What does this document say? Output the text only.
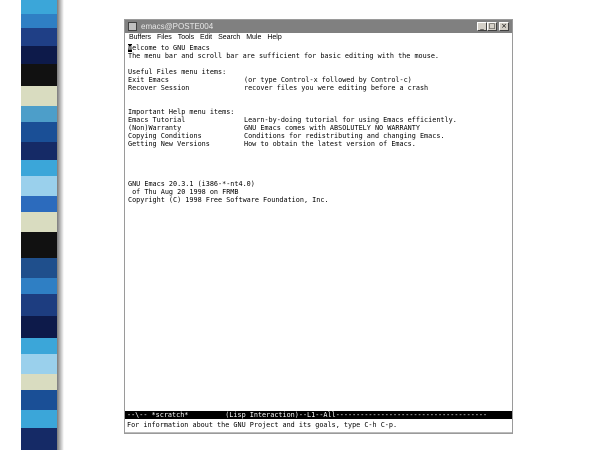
emacs@POSTE004	_ □ ×
Buffers Files Tools Edit Search Mule Help
Welcome to GNU Emacs
The menu bar and scroll bar are sufficient for basic editing with the mouse.
Useful Files menu items:
Exit Emacs	(or type Control-x followed by Control-c)
Recover Session	recover files you were editing before a crash
Important Help menu items:
Emacs Tutorial	Learn-by-doing tutorial for using Emacs efficiently.
(Non)Warranty	GNU Emacs comes with ABSOLUTELY NO WARRANTY
Copying Conditions	Conditions for redistributing and changing Emacs.
Getting New Versions	How to obtain the latest version of Emacs.
GNU Emacs 20.3.1 (i386-*-nt4.0)
of Thu Aug 20 1998 on FRMB
Copyright (C) 1998 Free Software Foundation, Inc.
--\-- *scratch*         (Lisp Interaction)--L1--All-------------------------------------
For information about the GNU Project and its goals, type C-h C-p.
